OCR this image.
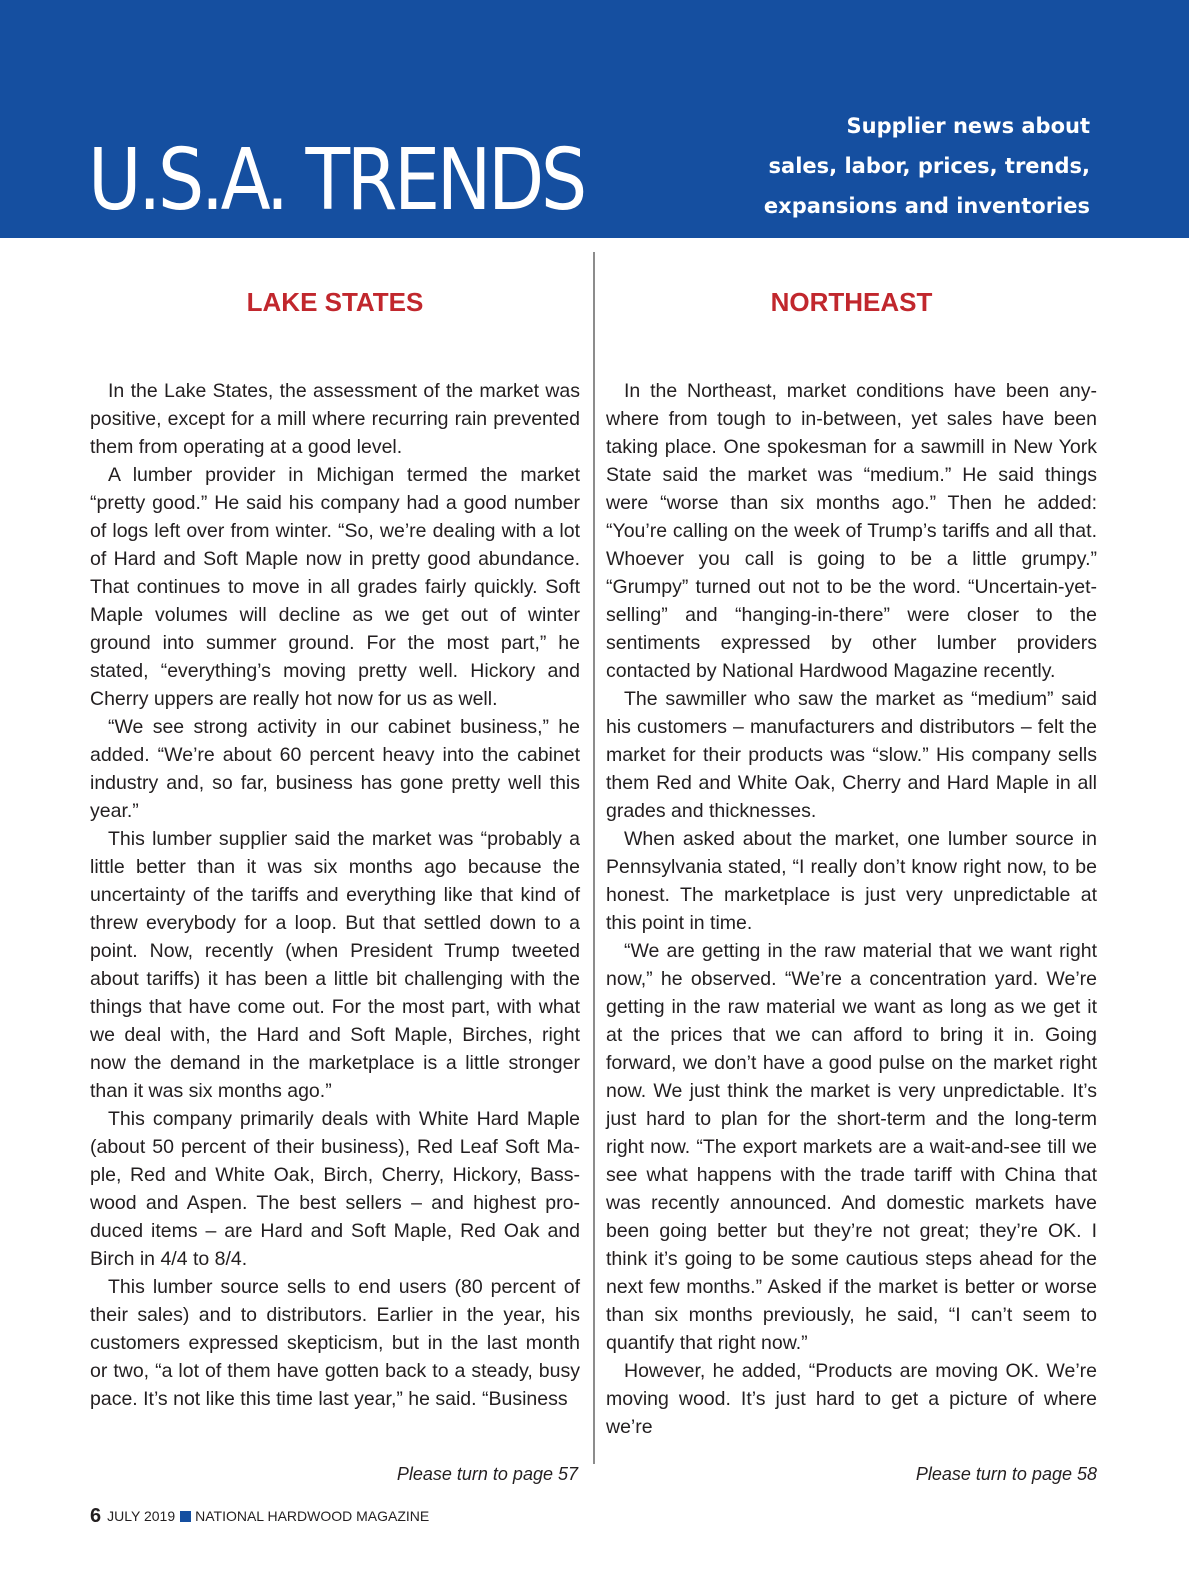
U.S.A. TRENDS
Supplier news about
sales, labor, prices, trends,
expansions and inventories
LAKE STATES

In the Lake States, the assessment of the market was positive, except for a mill where recurring rain prevented them from operating at a good level.

A lumber provider in Michigan termed the market “pretty good.” He said his company had a good number of logs left over from winter. “So, we’re dealing with a lot of Hard and Soft Maple now in pretty good abundance. That continues to move in all grades fairly quickly. Soft Maple volumes will decline as we get out of winter ground into summer ground. For the most part,” he stated, “everything’s moving pretty well. Hickory and Cherry uppers are really hot now for us as well.

“We see strong activity in our cabinet business,” he added. “We’re about 60 percent heavy into the cabinet industry and, so far, business has gone pretty well this year.”

This lumber supplier said the market was “probably a little better than it was six months ago because the uncertainty of the tariffs and everything like that kind of threw everybody for a loop. But that settled down to a point. Now, recently (when President Trump tweeted about tariffs) it has been a little bit challenging with the things that have come out. For the most part, with what we deal with, the Hard and Soft Maple, Birches, right now the demand in the marketplace is a little stronger than it was six months ago.”

This company primarily deals with White Hard Maple (about 50 percent of their business), Red Leaf Soft Maple, Red and White Oak, Birch, Cherry, Hickory, Basswood and Aspen. The best sellers – and highest produced items – are Hard and Soft Maple, Red Oak and Birch in 4/4 to 8/4.

This lumber source sells to end users (80 percent of their sales) and to distributors. Earlier in the year, his customers expressed skepticism, but in the last month or two, “a lot of them have gotten back to a steady, busy pace. It’s not like this time last year,” he said. “Business

NORTHEAST

In the Northeast, market conditions have been anywhere from tough to in-between, yet sales have been taking place. One spokesman for a sawmill in New York State said the market was “medium.” He said things were “worse than six months ago.” Then he added: “You’re calling on the week of Trump’s tariffs and all that. Whoever you call is going to be a little grumpy.” “Grumpy” turned out not to be the word. “Uncertain-yet-selling” and “hanging-in-there” were closer to the sentiments expressed by other lumber providers contacted by National Hardwood Magazine recently.

The sawmiller who saw the market as “medium” said his customers – manufacturers and distributors – felt the market for their products was “slow.” His company sells them Red and White Oak, Cherry and Hard Maple in all grades and thicknesses.

When asked about the market, one lumber source in Pennsylvania stated, “I really don’t know right now, to be honest. The marketplace is just very unpredictable at this point in time.

“We are getting in the raw material that we want right now,” he observed. “We’re a concentration yard. We’re getting in the raw material we want as long as we get it at the prices that we can afford to bring it in. Going forward, we don’t have a good pulse on the market right now. We just think the market is very unpredictable. It’s just hard to plan for the short-term and the long-term right now. “The export markets are a wait-and-see till we see what happens with the trade tariff with China that was recently announced. And domestic markets have been going better but they’re not great; they’re OK. I think it’s going to be some cautious steps ahead for the next few months.” Asked if the market is better or worse than six months previously, he said, “I can’t seem to quantify that right now.”

However, he added, “Products are moving OK. We’re moving wood. It’s just hard to get a picture of where we’re

Please turn to page 57	Please turn to page 58
6 JULY 2019 NATIONAL HARDWOOD MAGAZINE
